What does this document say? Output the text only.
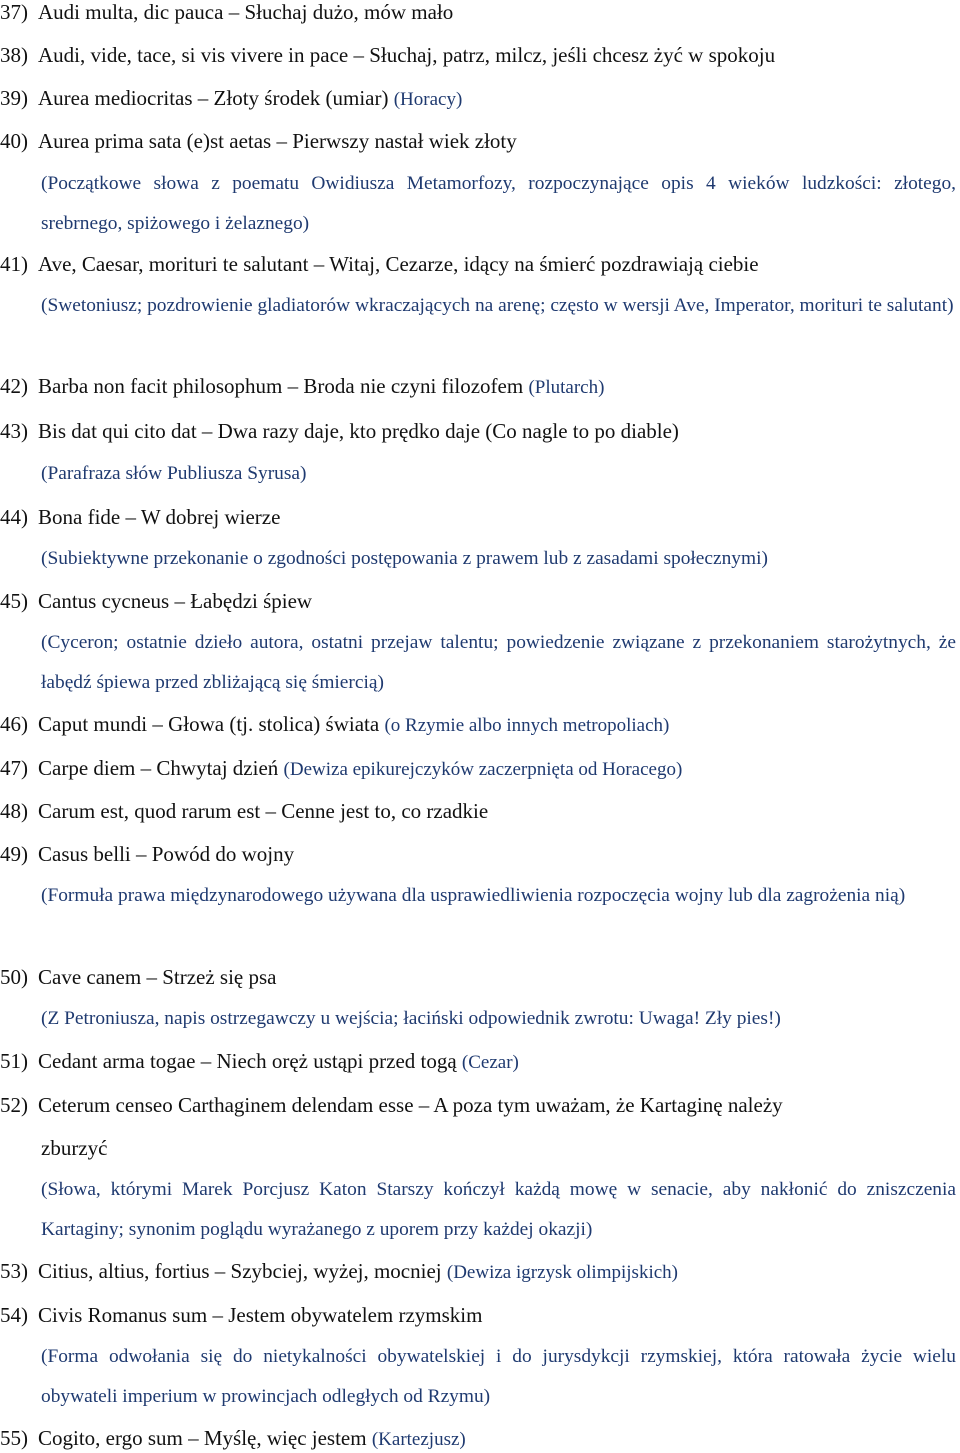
37) Audi multa, dic pauca – Słuchaj dużo, mów mało
38) Audi, vide, tace, si vis vivere in pace – Słuchaj, patrz, milcz, jeśli chcesz żyć w spokoju
39) Aurea mediocritas – Złoty środek (umiar) (Horacy)
40) Aurea prima sata (e)st aetas – Pierwszy nastał wiek złoty
(Początkowe słowa z poematu Owidiusza Metamorfozy, rozpoczynające opis 4 wieków ludzkości: złotego, srebrnego, spiżowego i żelaznego)
41) Ave, Caesar, morituri te salutant – Witaj, Cezarze, idący na śmierć pozdrawiają ciebie
(Swetoniusz; pozdrowienie gladiatorów wkraczających na arenę; często w wersji Ave, Imperator, morituri te salutant)
42) Barba non facit philosophum – Broda nie czyni filozofem (Plutarch)
43) Bis dat qui cito dat – Dwa razy daje, kto prędko daje (Co nagle to po diable)
(Parafraza słów Publiusza Syrusa)
44) Bona fide – W dobrej wierze
(Subiektywne przekonanie o zgodności postępowania z prawem lub z zasadami społecznymi)
45) Cantus cycneus – Łabędzi śpiew
(Cyceron; ostatnie dzieło autora, ostatni przejaw talentu; powiedzenie związane z przekonaniem starożytnych, że łabędź śpiewa przed zbliżającą się śmiercią)
46) Caput mundi – Głowa (tj. stolica) świata (o Rzymie albo innych metropoliach)
47) Carpe diem – Chwytaj dzień (Dewiza epikurejczyków zaczerpnięta od Horacego)
48) Carum est, quod rarum est – Cenne jest to, co rzadkie
49) Casus belli – Powód do wojny
(Formuła prawa międzynarodowego używana dla usprawiedliwienia rozpoczęcia wojny lub dla zagrożenia nią)
50) Cave canem – Strzeż się psa
(Z Petroniusza, napis ostrzegawczy u wejścia; łaciński odpowiednik zwrotu: Uwaga! Zły pies!)
51) Cedant arma togae – Niech oręż ustąpi przed togą (Cezar)
52) Ceterum censeo Carthaginem delendam esse – A poza tym uważam, że Kartaginę należy
zburzyć
(Słowa, którymi Marek Porcjusz Katon Starszy kończył każdą mowę w senacie, aby nakłonić do zniszczenia Kartaginy; synonim poglądu wyrażanego z uporem przy każdej okazji)
53) Citius, altius, fortius – Szybciej, wyżej, mocniej (Dewiza igrzysk olimpijskich)
54) Civis Romanus sum – Jestem obywatelem rzymskim
(Forma odwołania się do nietykalności obywatelskiej i do jurysdykcji rzymskiej, która ratowała życie wielu obywateli imperium w prowincjach odległych od Rzymu)
55) Cogito, ergo sum – Myślę, więc jestem (Kartezjusz)
